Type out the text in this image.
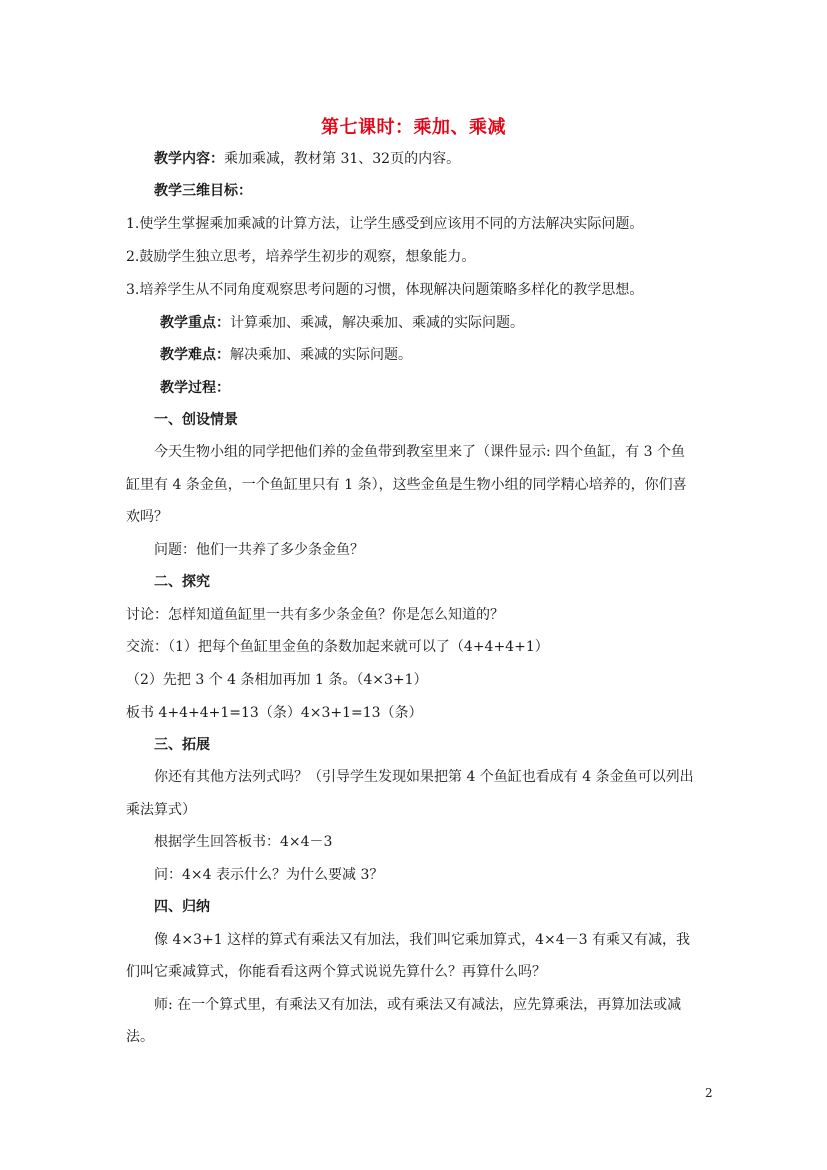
第七课时：乘加、乘减
教学内容：乘加乘减，教材第 31、32页的内容。
教学三维目标：
1.使学生掌握乘加乘减的计算方法，让学生感受到应该用不同的方法解决实际问题。
2.鼓励学生独立思考，培养学生初步的观察，想象能力。
3.培养学生从不同角度观察思考问题的习惯，体现解决问题策略多样化的教学思想。
教学重点：计算乘加、乘减，解决乘加、乘减的实际问题。
教学难点：解决乘加、乘减的实际问题。
教学过程：
一、创设情景
今天生物小组的同学把他们养的金鱼带到教室里来了（课件显示: 四个鱼缸，有 3 个鱼
缸里有 4 条金鱼，一个鱼缸里只有 1 条），这些金鱼是生物小组的同学精心培养的，你们喜
欢吗？
问题：他们一共养了多少条金鱼？
二、探究
讨论：怎样知道鱼缸里一共有多少条金鱼？你是怎么知道的？
交流：（1）把每个鱼缸里金鱼的条数加起来就可以了（4+4+4+1）
（2）先把 3 个 4 条相加再加 1 条。（4×3+1）
板书 4+4+4+1=13（条）4×3+1=13（条）
三、拓展
你还有其他方法列式吗？（引导学生发现如果把第 4 个鱼缸也看成有 4 条金鱼可以列出
乘法算式）
根据学生回答板书：4×4－3
问：4×4 表示什么？为什么要减 3？
四、归纳
像 4×3+1 这样的算式有乘法又有加法，我们叫它乘加算式，4×4－3 有乘又有减，我
们叫它乘减算式，你能看看这两个算式说说先算什么？再算什么吗？
师: 在一个算式里，有乘法又有加法，或有乘法又有减法，应先算乘法，再算加法或减
法。
2
